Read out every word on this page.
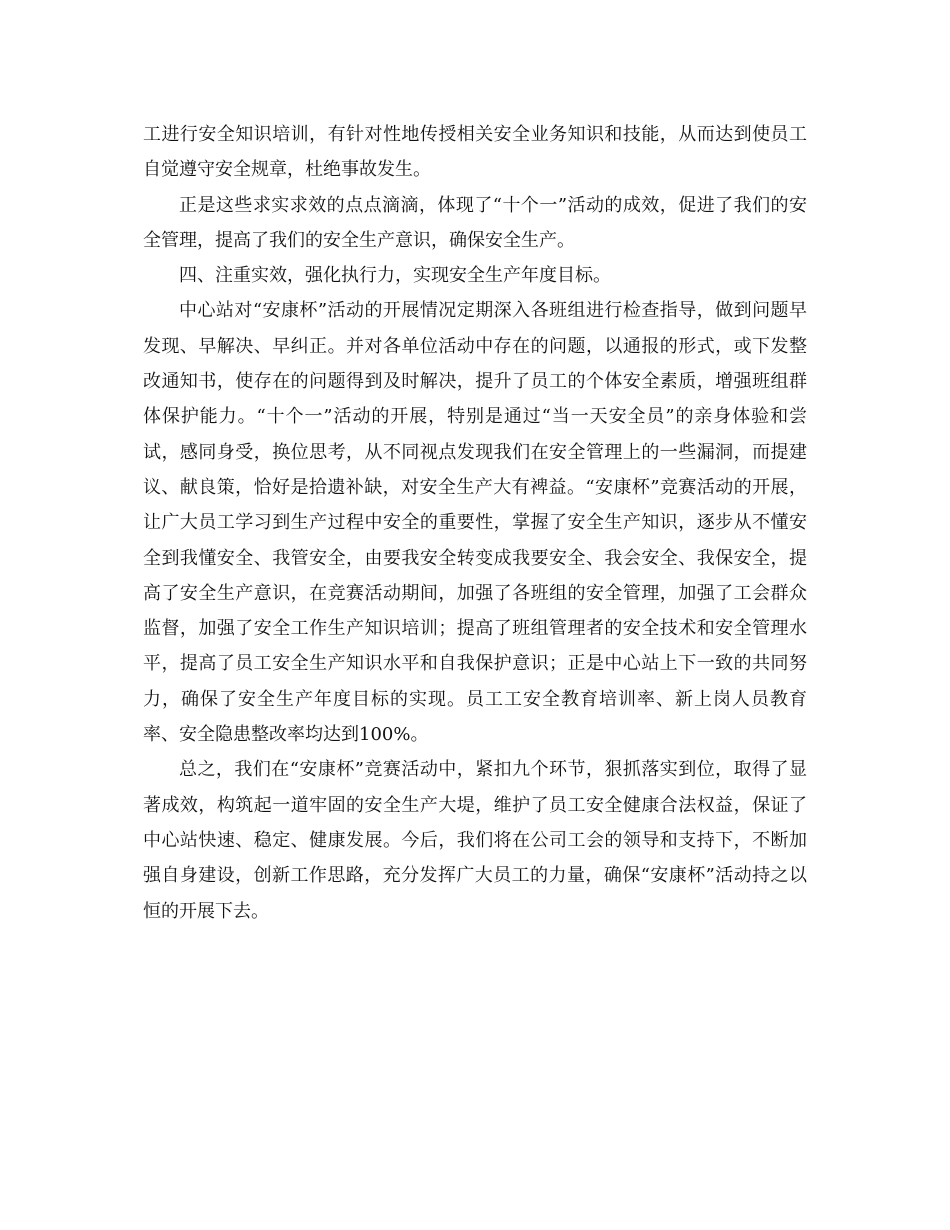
工进行安全知识培训，有针对性地传授相关安全业务知识和技能，从而达到使员工自觉遵守安全规章，杜绝事故发生。

正是这些求实求效的点点滴滴，体现了“十个一”活动的成效，促进了我们的安全管理，提高了我们的安全生产意识，确保安全生产。

四、注重实效，强化执行力，实现安全生产年度目标。

中心站对“安康杯”活动的开展情况定期深入各班组进行检查指导，做到问题早发现、早解决、早纠正。并对各单位活动中存在的问题，以通报的形式，或下发整改通知书，使存在的问题得到及时解决，提升了员工的个体安全素质，增强班组群体保护能力。“十个一”活动的开展，特别是通过“当一天安全员”的亲身体验和尝试，感同身受，换位思考，从不同视点发现我们在安全管理上的一些漏洞，而提建议、献良策，恰好是拾遗补缺，对安全生产大有裨益。“安康杯”竞赛活动的开展，让广大员工学习到生产过程中安全的重要性，掌握了安全生产知识，逐步从不懂安全到我懂安全、我管安全，由要我安全转变成我要安全、我会安全、我保安全，提高了安全生产意识，在竞赛活动期间，加强了各班组的安全管理，加强了工会群众监督，加强了安全工作生产知识培训；提高了班组管理者的安全技术和安全管理水平，提高了员工安全生产知识水平和自我保护意识；正是中心站上下一致的共同努力，确保了安全生产年度目标的实现。员工工安全教育培训率、新上岗人员教育率、安全隐患整改率均达到100%。

总之，我们在“安康杯”竞赛活动中，紧扣九个环节，狠抓落实到位，取得了显著成效，构筑起一道牢固的安全生产大堤，维护了员工安全健康合法权益，保证了中心站快速、稳定、健康发展。今后，我们将在公司工会的领导和支持下，不断加强自身建设，创新工作思路，充分发挥广大员工的力量，确保“安康杯”活动持之以恒的开展下去。
